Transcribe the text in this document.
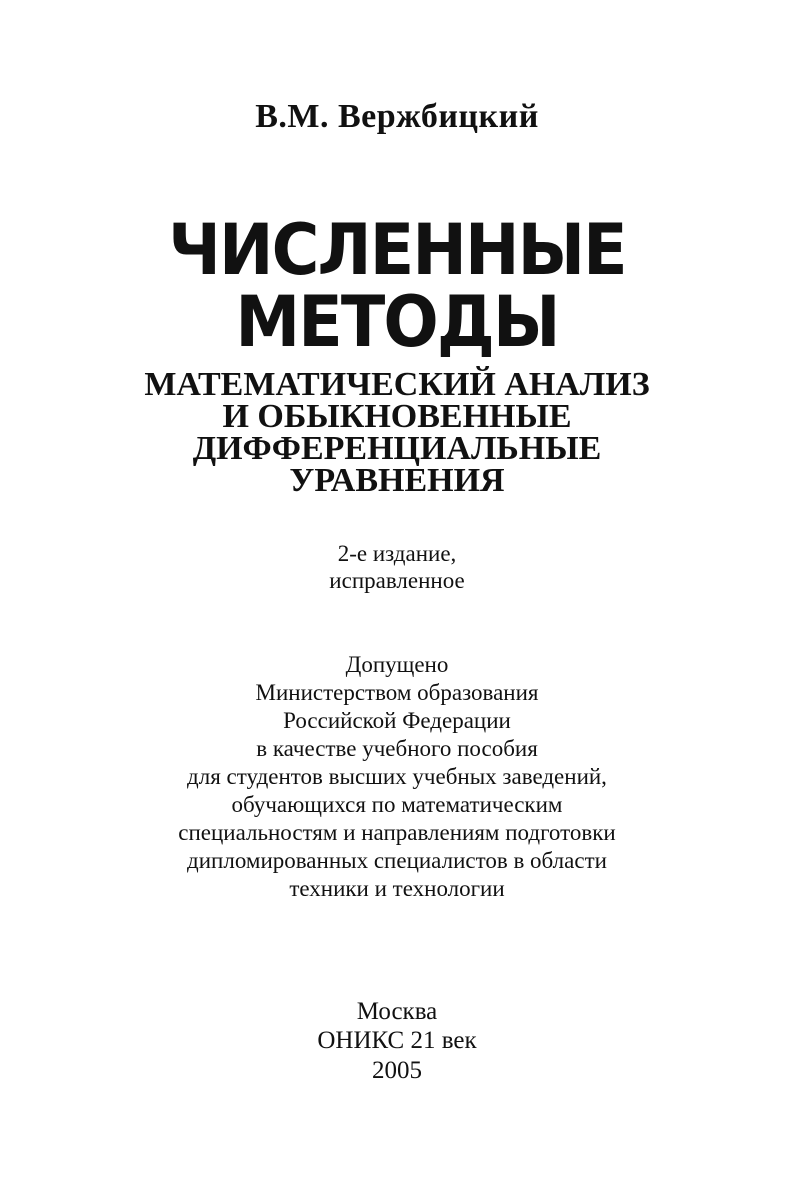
В.М. Вержбицкий
ЧИСЛЕННЫЕ
МЕТОДЫ
МАТЕМАТИЧЕСКИЙ АНАЛИЗ
И ОБЫКНОВЕННЫЕ
ДИФФЕРЕНЦИАЛЬНЫЕ
УРАВНЕНИЯ
2-е издание,
исправленное
Допущено
Министерством образования
Российской Федерации
в качестве учебного пособия
для студентов высших учебных заведений,
обучающихся по математическим
специальностям и направлениям подготовки
дипломированных специалистов в области
техники и технологии
Москва
ОНИКС 21 век
2005
